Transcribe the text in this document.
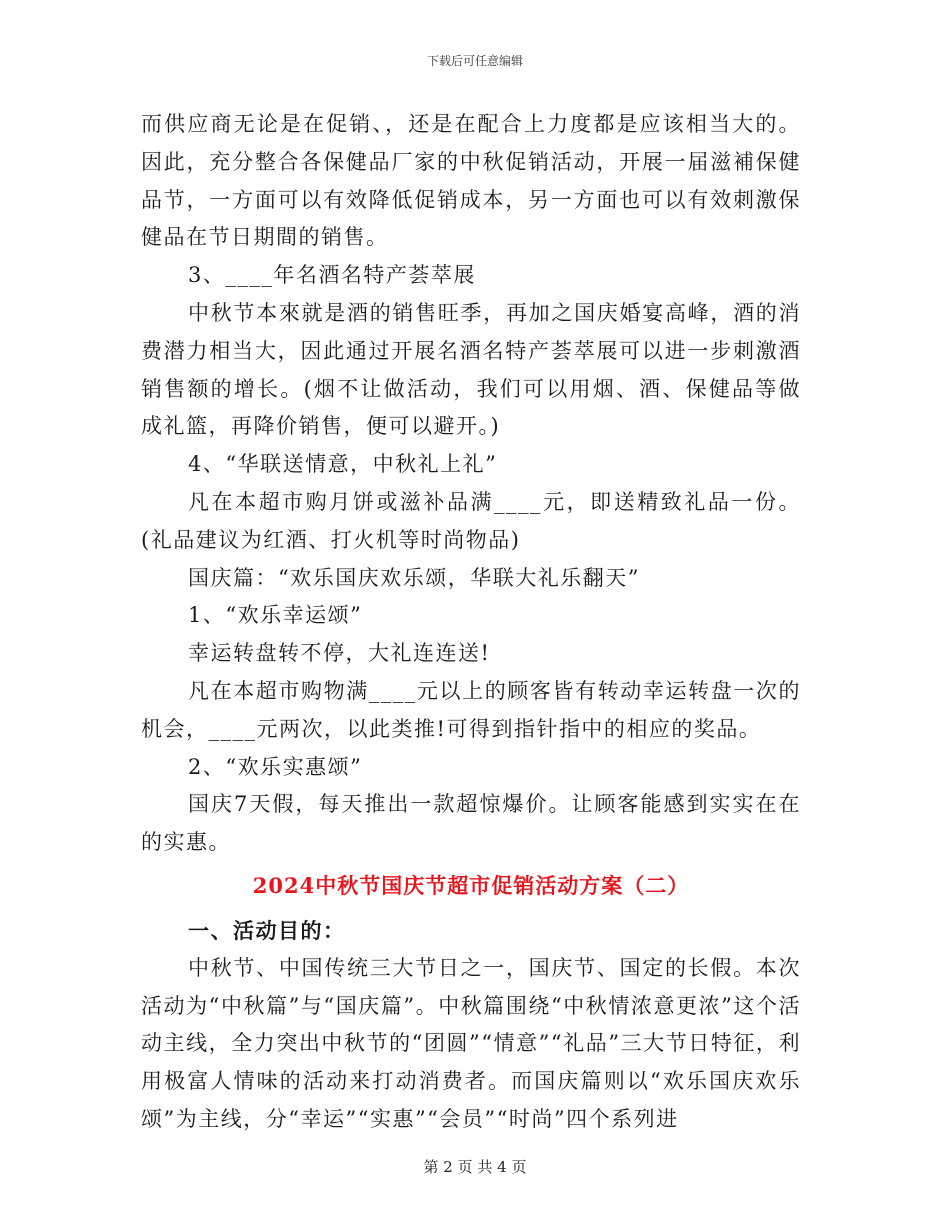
下载后可任意编辑

而供应商无论是在促销、，还是在配合上力度都是应该相当大的。因此，充分整合各保健品厂家的中秋促销活动，开展一届滋補保健品节，一方面可以有效降低促销成本，另一方面也可以有效刺激保健品在节日期間的销售。

3、____年名酒名特产荟萃展

中秋节本來就是酒的销售旺季，再加之国庆婚宴高峰，酒的消费潜力相当大，因此通过开展名酒名特产荟萃展可以进一步刺激酒销售额的增长。(烟不让做活动，我们可以用烟、酒、保健品等做成礼篮，再降价销售，便可以避开。)

4、“华联送情意，中秋礼上礼”

凡在本超市购月饼或滋补品满____元，即送精致礼品一份。(礼品建议为红酒、打火机等时尚物品)

国庆篇：“欢乐国庆欢乐颂，华联大礼乐翻天”

1、“欢乐幸运颂”

幸运转盘转不停，大礼连连送!

凡在本超市购物满____元以上的顾客皆有转动幸运转盘一次的机会，____元两次，以此类推!可得到指针指中的相应的奖品。

2、“欢乐实惠颂”

国庆7天假，每天推出一款超惊爆价。让顾客能感到实实在在的实惠。

2024中秋节国庆节超市促销活动方案（二）

一、活动目的：

中秋节、中国传统三大节日之一，国庆节、国定的长假。本次活动为“中秋篇”与“国庆篇”。中秋篇围绕“中秋情浓意更浓”这个活动主线，全力突出中秋节的“团圆”“情意”“礼品”三大节日特征，利用极富人情味的活动来打动消费者。而国庆篇则以“欢乐国庆欢乐颂”为主线，分“幸运”“实惠”“会员”“时尚”四个系列进

第 2 页 共 4 页
